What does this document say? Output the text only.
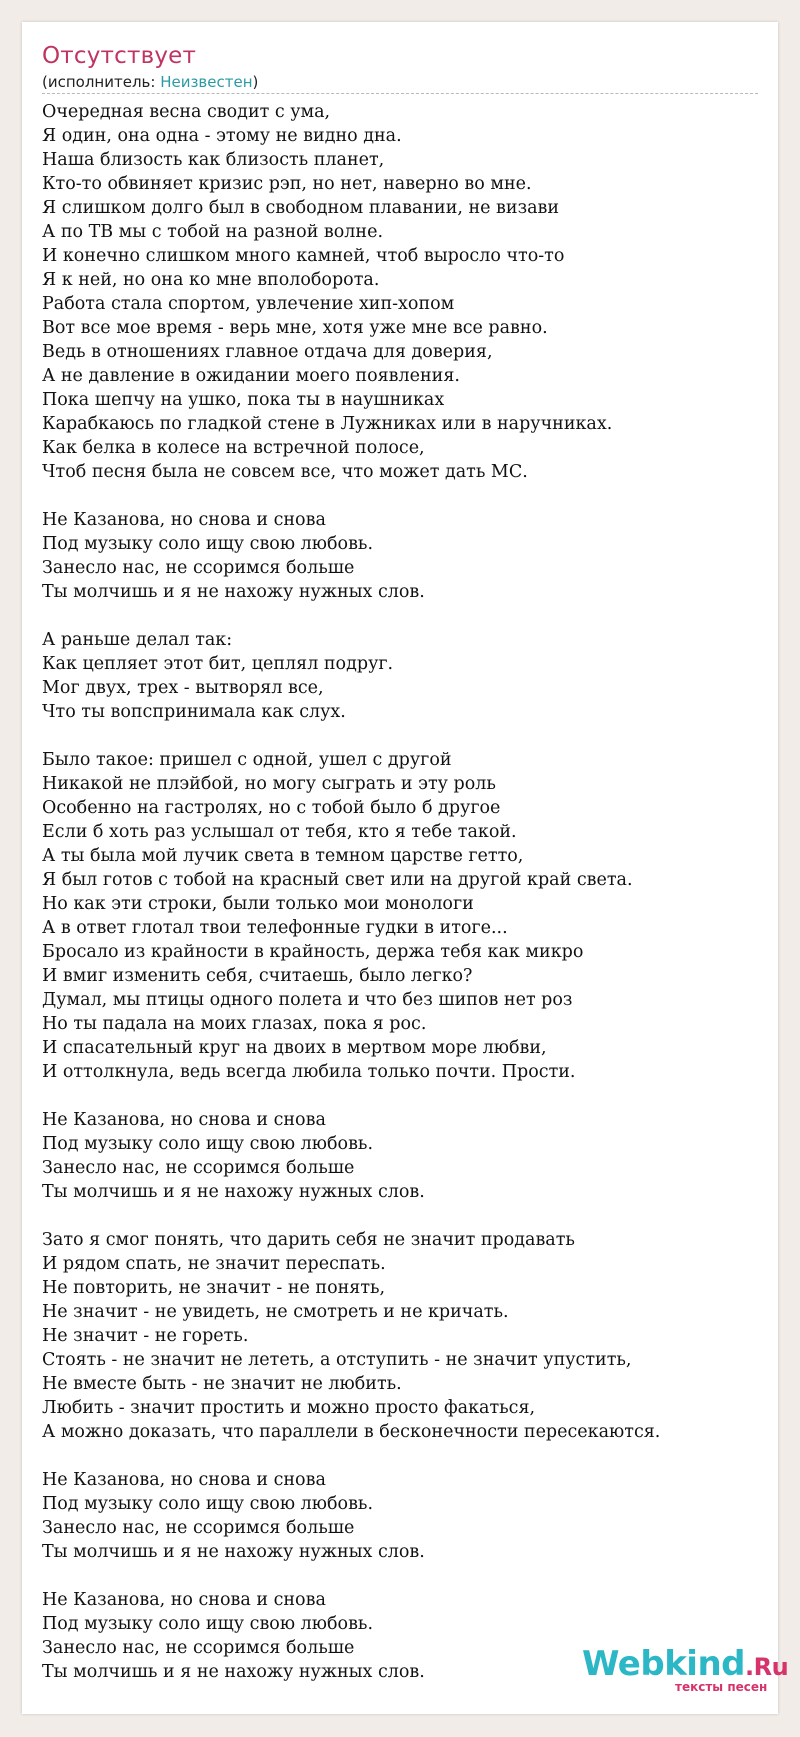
Отсутствует
(исполнитель: Неизвестен)
Очередная весна сводит с ума,
Я один, она одна - этому не видно дна.
Наша близость как близость планет,
Кто-то обвиняет кризис рэп, но нет, наверно во мне.
Я слишком долго был в свободном плавании, не визави
А по ТВ мы с тобой на разной волне.
И конечно слишком много камней, чтоб выросло что-то
Я к ней, но она ко мне вполоборота.
Работа стала спортом, увлечение хип-хопом
Вот все мое время - верь мне, хотя уже мне все равно.
Ведь в отношениях главное отдача для доверия,
А не давление в ожидании моего появления.
Пока шепчу на ушко, пока ты в наушниках
Карабкаюсь по гладкой стене в Лужниках или в наручниках.
Как белка в колесе на встречной полосе,
Чтоб песня была не совсем все, что может дать МС.
Не Казанова, но снова и снова
Под музыку соло ищу свою любовь.
Занесло нас, не ссоримся больше
Ты молчишь и я не нахожу нужных слов.
А раньше делал так:
Как цепляет этот бит, цеплял подруг.
Мог двух, трех - вытворял все,
Что ты вопспринимала как слух.
Было такое: пришел с одной, ушел с другой
Никакой не плэйбой, но могу сыграть и эту роль
Особенно на гастролях, но с тобой было б другое
Если б хоть раз услышал от тебя, кто я тебе такой.
А ты была мой лучик света в темном царстве гетто,
Я был готов с тобой на красный свет или на другой край света.
Но как эти строки, были только мои монологи
А в ответ глотал твои телефонные гудки в итоге...
Бросало из крайности в крайность, держа тебя как микро
И вмиг изменить себя, считаешь, было легко?
Думал, мы птицы одного полета и что без шипов нет роз
Но ты падала на моих глазах, пока я рос.
И спасательный круг на двоих в мертвом море любви,
И оттолкнула, ведь всегда любила только почти. Прости.
Не Казанова, но снова и снова
Под музыку соло ищу свою любовь.
Занесло нас, не ссоримся больше
Ты молчишь и я не нахожу нужных слов.
Зато я смог понять, что дарить себя не значит продавать
И рядом спать, не значит переспать.
Не повторить, не значит - не понять,
Не значит - не увидеть, не смотреть и не кричать.
Не значит - не гореть.
Стоять - не значит не лететь, а отступить - не значит упустить,
Не вместе быть - не значит не любить.
Любить - значит простить и можно просто факаться,
А можно доказать, что параллели в бесконечности пересекаются.
Не Казанова, но снова и снова
Под музыку соло ищу свою любовь.
Занесло нас, не ссоримся больше
Ты молчишь и я не нахожу нужных слов.
Не Казанова, но снова и снова
Под музыку соло ищу свою любовь.
Занесло нас, не ссоримся больше
Ты молчишь и я не нахожу нужных слов.	Webkind.Ru
тексты песен
